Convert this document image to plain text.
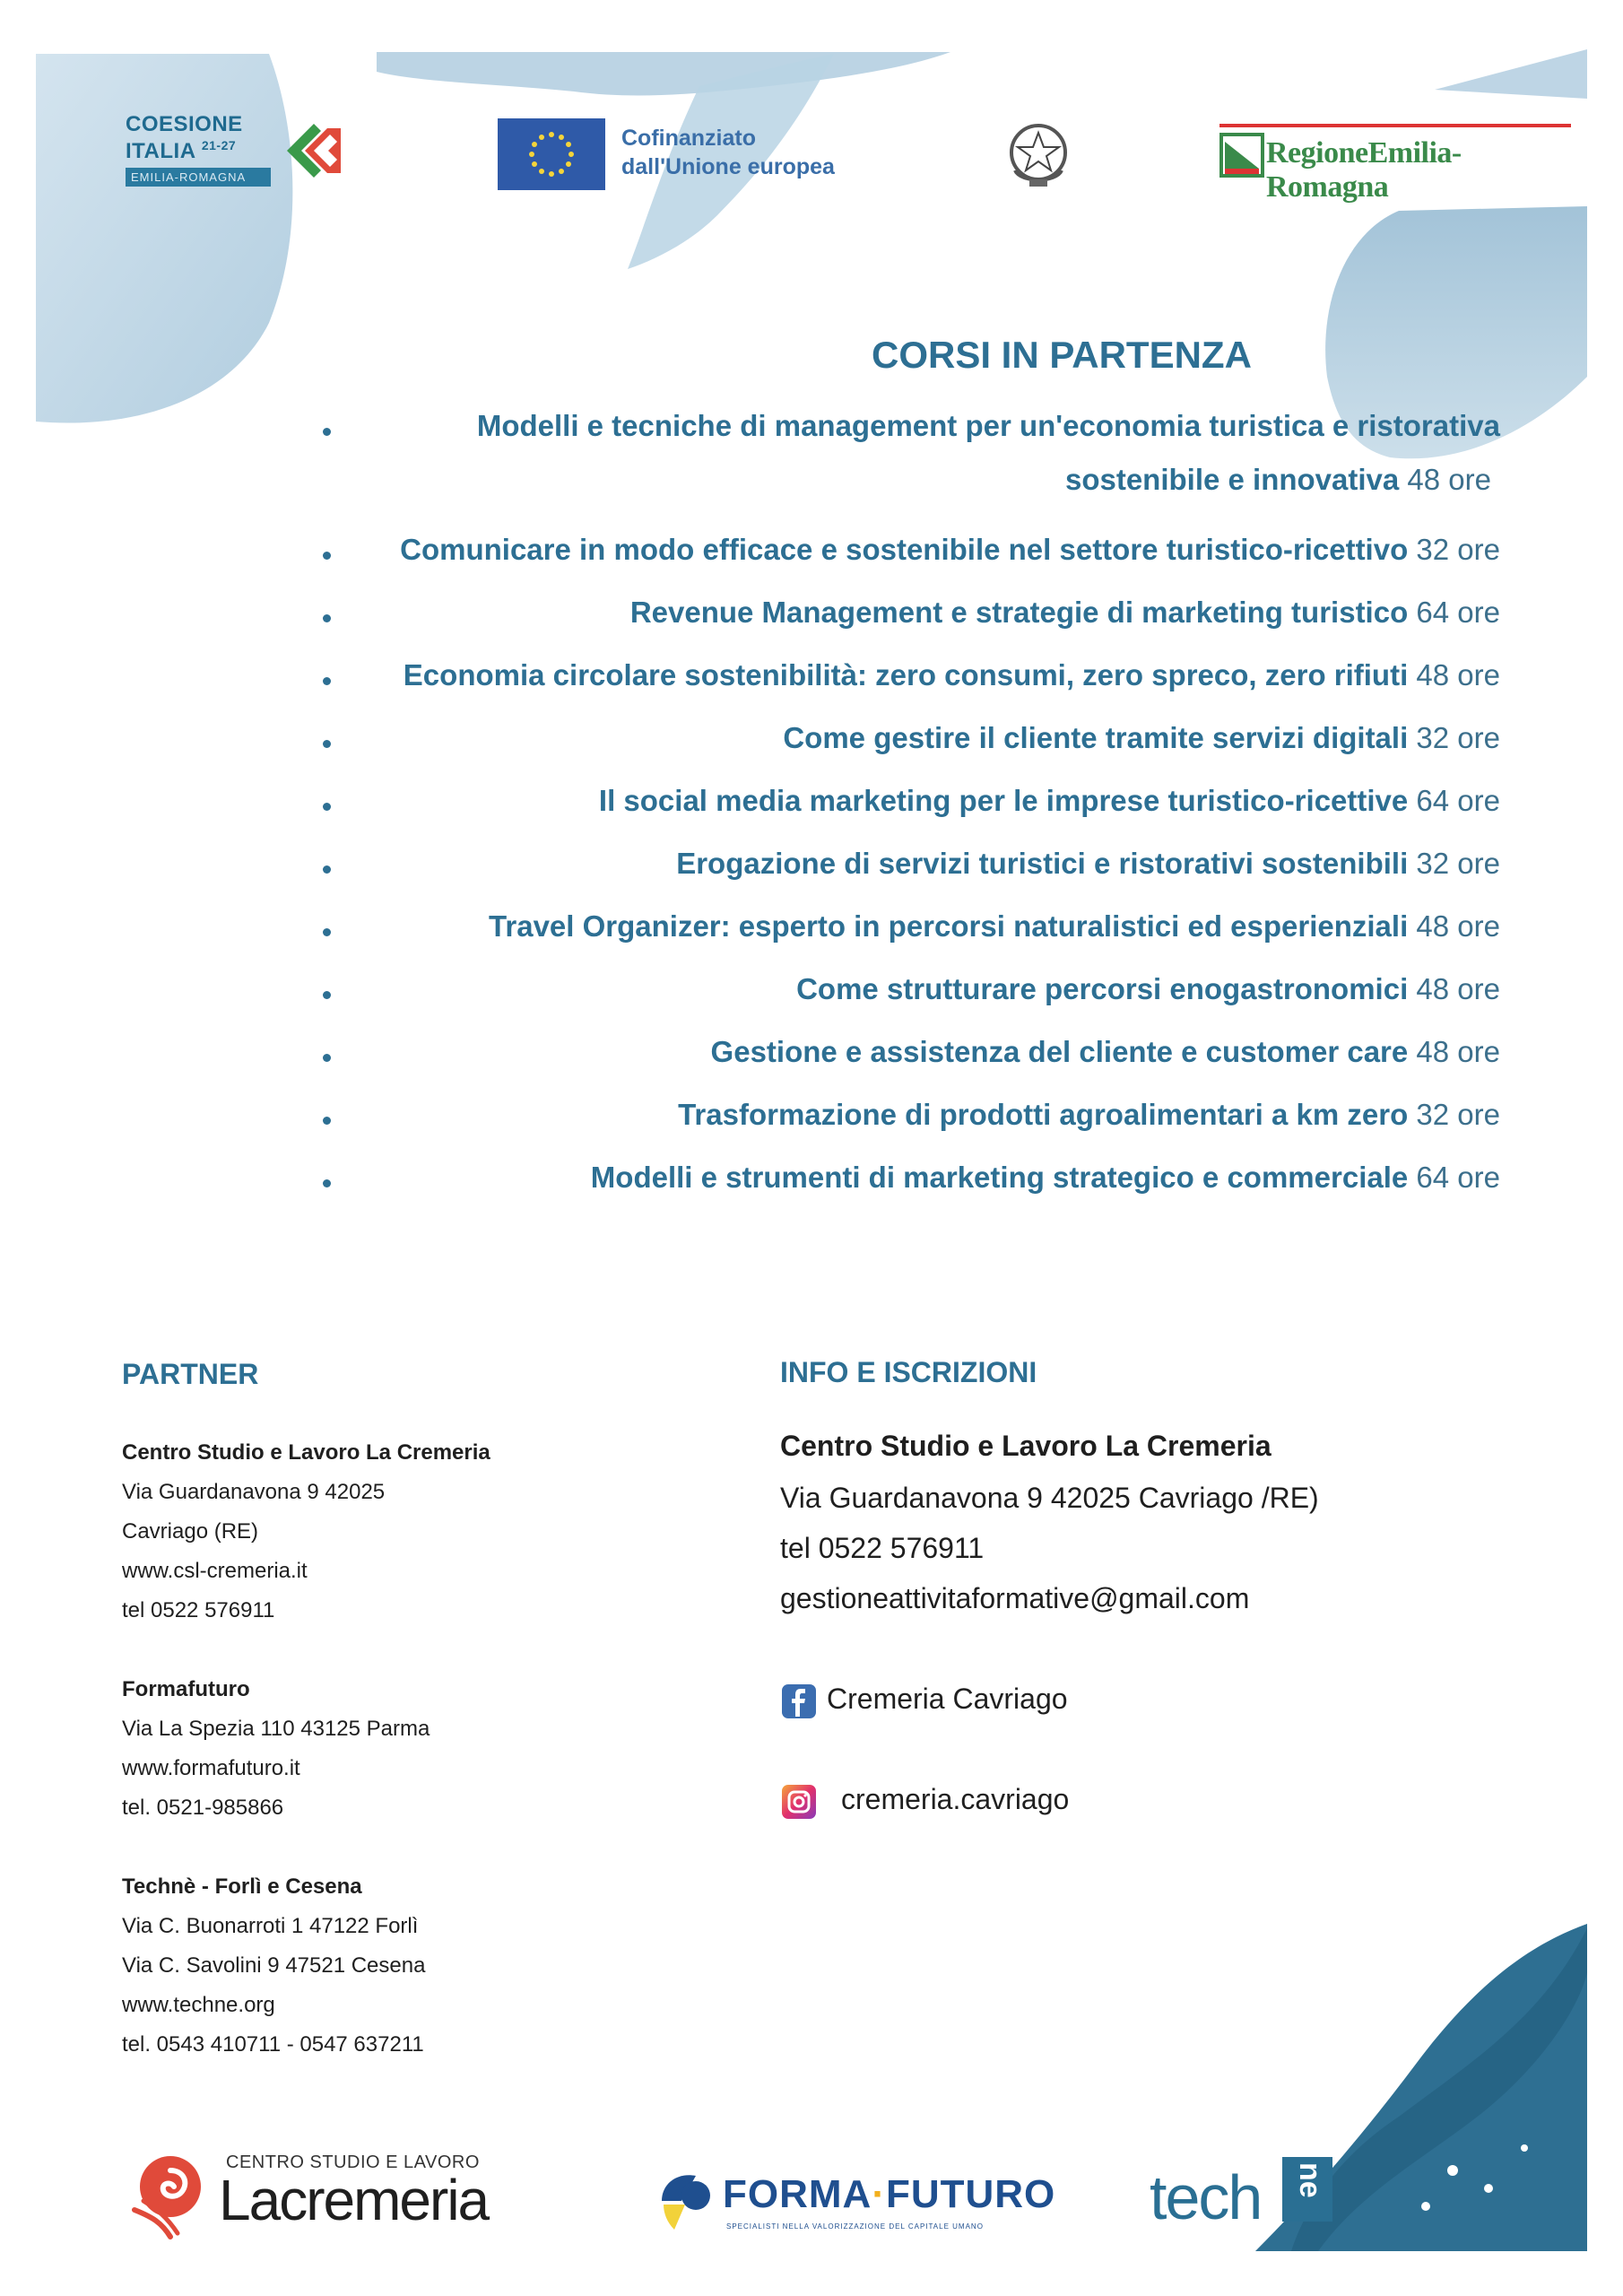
COESIONE
ITALIA $^{21-27}$
EMILIA-ROMAGNA
Cofinanziato
dall'Unione europea	RegioneEmilia-Romagna
CORSI IN PARTENZA
Modelli e tecniche di management per un'economia turistica e ristorativa
sostenibile e innovativa 48 ore
Comunicare in modo efficace e sostenibile nel settore turistico-ricettivo 32 ore
Revenue Management e strategie di marketing turistico 64 ore
Economia circolare sostenibilità: zero consumi, zero spreco, zero rifiuti 48 ore
Come gestire il cliente tramite servizi digitali 32 ore
Il social media marketing per le imprese turistico-ricettive 64 ore
Erogazione di servizi turistici e ristorativi sostenibili 32 ore
Travel Organizer: esperto in percorsi naturalistici ed esperienziali 48 ore
Come strutturare percorsi enogastronomici 48 ore
Gestione e assistenza del cliente e customer care 48 ore
Trasformazione di prodotti agroalimentari a km zero 32 ore
Modelli e strumenti di marketing strategico e commerciale 64 ore
PARTNER
Centro Studio e Lavoro La Cremeria
Via Guardanavona 9 42025
Cavriago (RE)
www.csl-cremeria.it
tel 0522 576911
Formafuturo
Via La Spezia 110 43125 Parma
www.formafuturo.it
tel. 0521-985866
Technè - Forlì e Cesena
Via C. Buonarroti 1 47122 Forlì
Via C. Savolini 9 47521 Cesena
www.techne.org
tel. 0543 410711 - 0547 637211
INFO E ISCRIZIONI
Centro Studio e Lavoro La Cremeria
Via Guardanavona 9 42025 Cavriago /RE)
tel 0522 576911
gestioneattivitaformative@gmail.com
Cremeria Cavriago
cremeria.cavriago
CENTRO STUDIO E LAVORO
Lacremeria	FORMA·FUTURO
SPECIALISTI NELLA VALORIZZAZIONE DEL CAPITALE UMANO	tech ne
